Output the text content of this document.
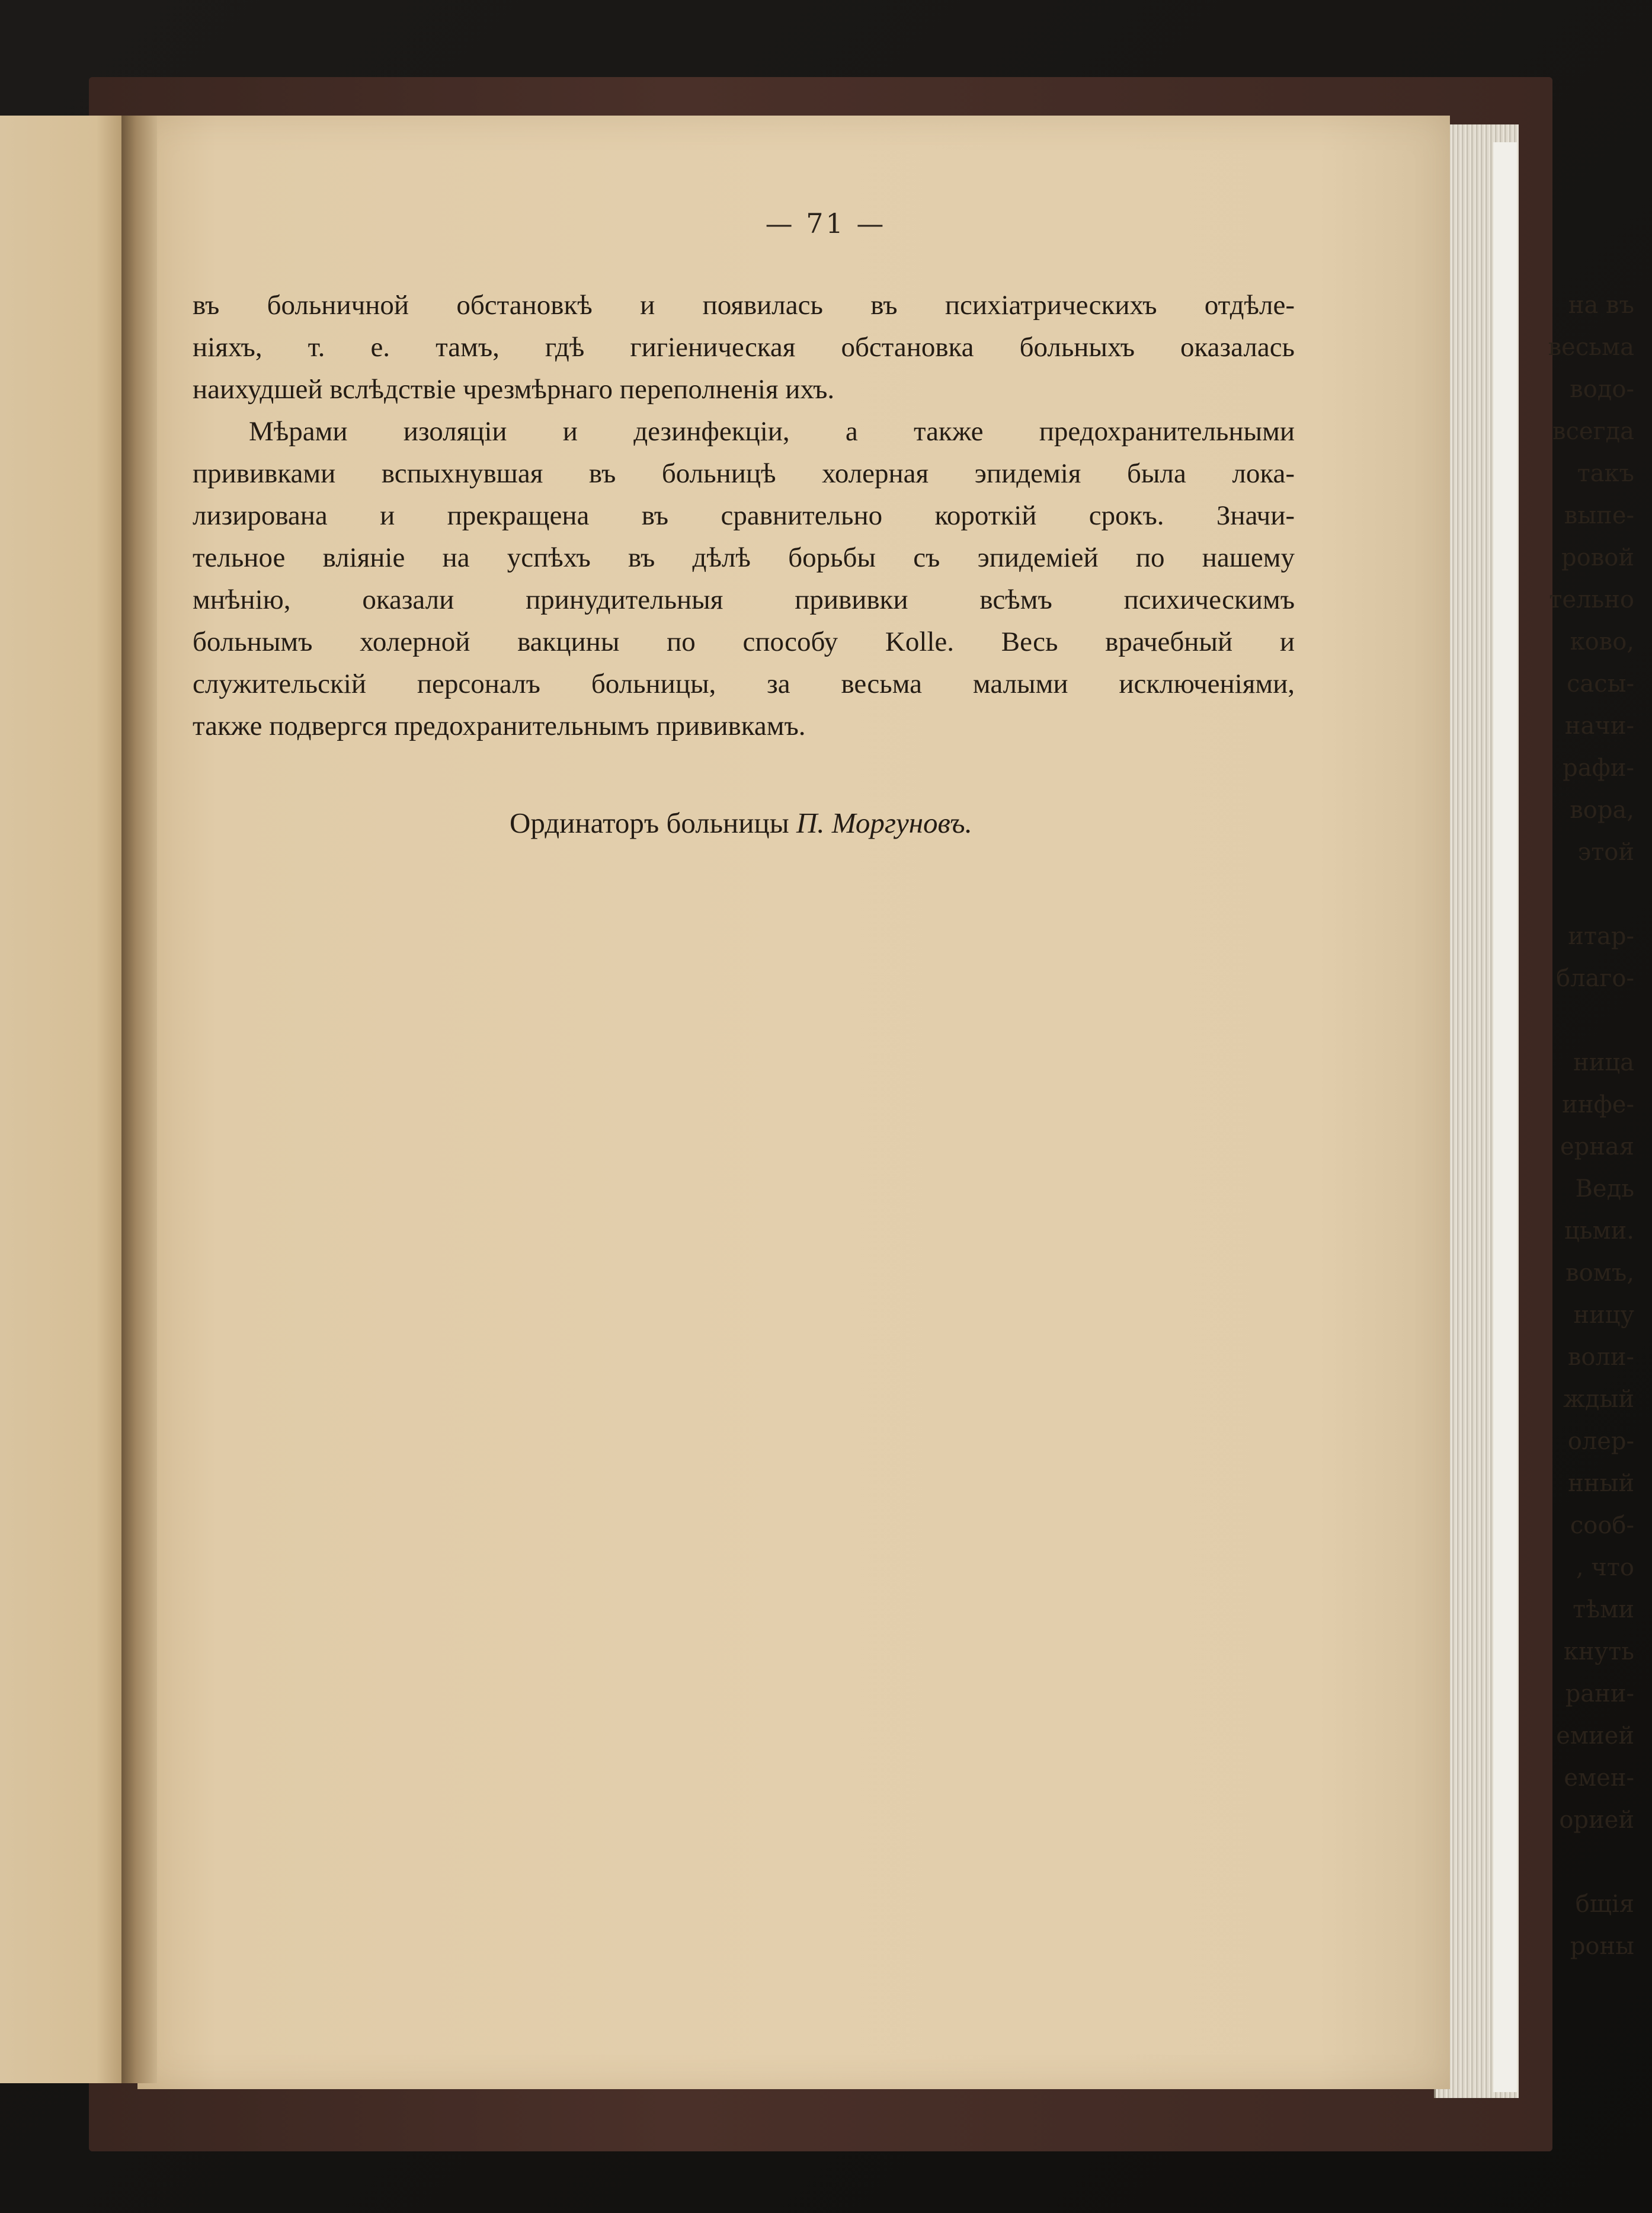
на въ
весьма
водо-
всегда
такъ
выпе-
ровой
тельно
ково,
сасы-
начи-
рафи-
вора,
этой
итар-
благо-
ница
инфе-
ерная
Ведь
цьми.
вомъ,
ницу
воли-
ждый
олер-
нный
сооб-
, что
тѣми
кнуть
рани-
емией
емен-
орией
бщія
роны
— 71 —
въ больничной обстановкѣ и появилась въ психіатрическихъ отдѣле-
ніяхъ, т. е. тамъ, гдѣ гигіеническая обстановка больныхъ оказалась
наихудшей вслѣдствіе чрезмѣрнаго переполненія ихъ.
Мѣрами изоляціи и дезинфекціи, а также предохранительными
прививками вспыхнувшая въ больницѣ холерная эпидемія была лока-
лизирована и прекращена въ сравнительно короткій срокъ. Значи-
тельное вліяніе на успѣхъ въ дѣлѣ борьбы съ эпидеміей по нашему
мнѣнію, оказали принудительныя прививки всѣмъ психическимъ
больнымъ холерной вакцины по способу Kolle. Весь врачебный и
служительскій персоналъ больницы, за весьма малыми исключеніями,
также подвергся предохранительнымъ прививкамъ.
Ординаторъ больницы П. Моргуновъ.
